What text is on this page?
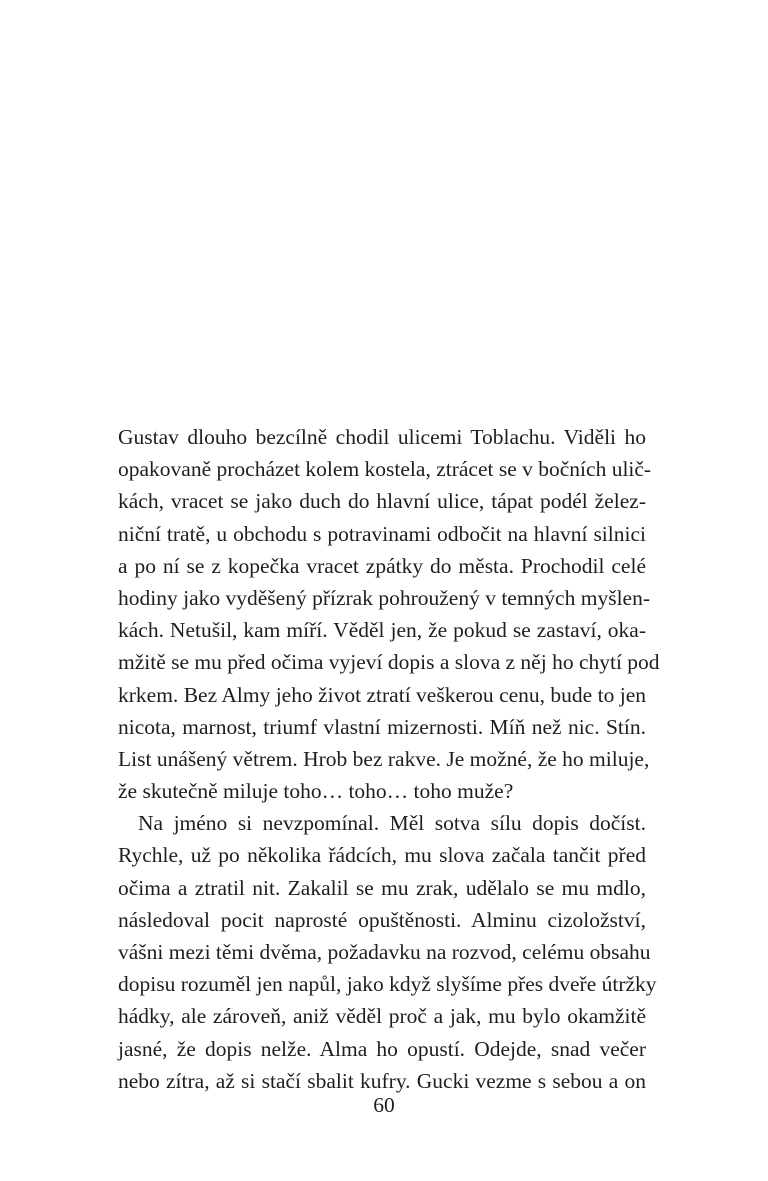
Gustav dlouho bezcílně chodil ulicemi Toblachu. Viděli ho
opakovaně procházet kolem kostela, ztrácet se v bočních ulič-
kách, vracet se jako duch do hlavní ulice, tápat podél želez-
niční tratě, u obchodu s potravinami odbočit na hlavní silnici
a po ní se z kopečka vracet zpátky do města. Prochodil celé
hodiny jako vyděšený přízrak pohroužený v temných myšlen-
kách. Netušil, kam míří. Věděl jen, že pokud se zastaví, oka-
mžitě se mu před očima vyjeví dopis a slova z něj ho chytí pod
krkem. Bez Almy jeho život ztratí veškerou cenu, bude to jen
nicota, marnost, triumf vlastní mizernosti. Míň než nic. Stín.
List unášený větrem. Hrob bez rakve. Je možné, že ho miluje,
že skutečně miluje toho… toho… toho muže?
Na jméno si nevzpomínal. Měl sotva sílu dopis dočíst.
Rychle, už po několika řádcích, mu slova začala tančit před
očima a ztratil nit. Zakalil se mu zrak, udělalo se mu mdlo,
následoval pocit naprosté opuštěnosti. Alminu cizoložství,
vášni mezi těmi dvěma, požadavku na rozvod, celému obsahu
dopisu rozuměl jen napůl, jako když slyšíme přes dveře útržky
hádky, ale zároveň, aniž věděl proč a jak, mu bylo okamžitě
jasné, že dopis nelže. Alma ho opustí. Odejde, snad večer
nebo zítra, až si stačí sbalit kufry. Gucki vezme s sebou a on
60
